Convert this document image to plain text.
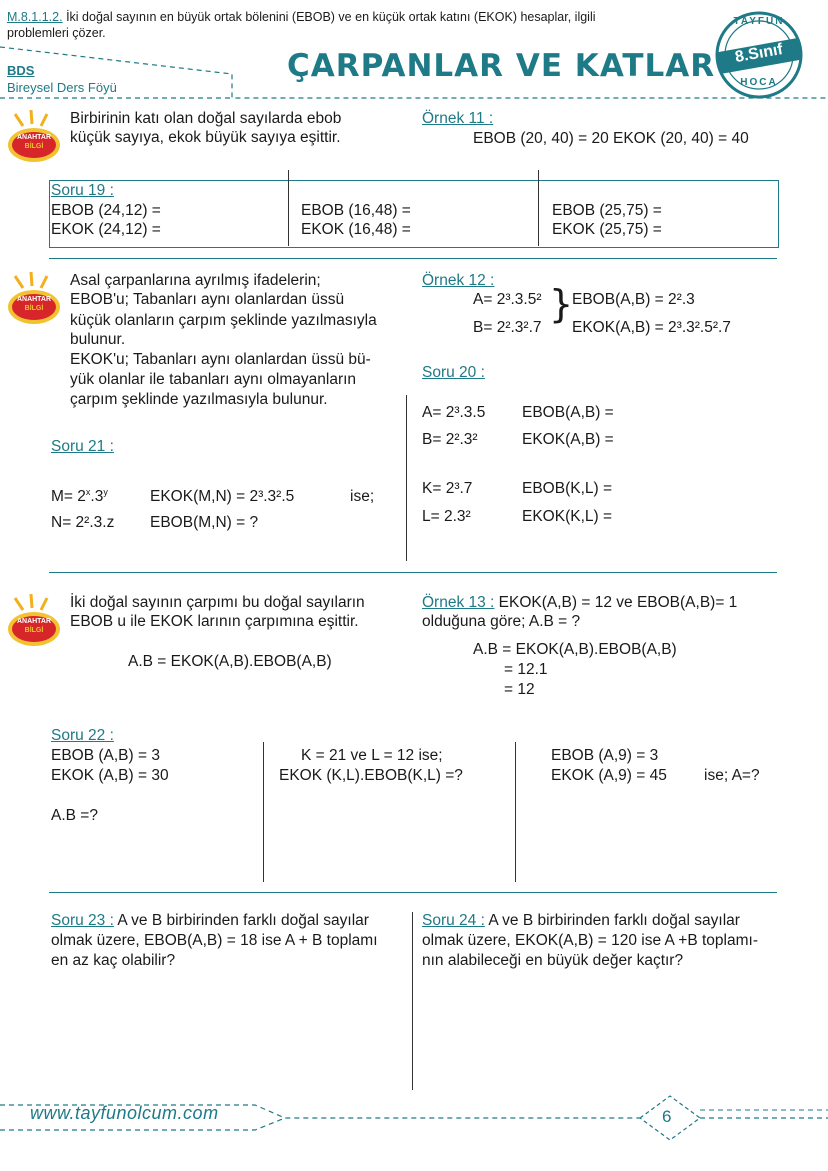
M.8.1.1.2. İki doğal sayının en büyük ortak bölenini (EBOB) ve en küçük ortak katını (EKOK) hesaplar, ilgili
problemleri çözer.
BDS
Bireysel Ders Föyü
ÇARPANLAR VE KATLAR
TAYFUN
8.Sınıf
HOCA
ANAHTAR
BİLGİ
Birbirinin katı olan doğal sayılarda ebob
küçük sayıya, ekok büyük sayıya eşittir.
Örnek 11 :
EBOB (20, 40) = 20 EKOK (20, 40) = 40
Soru 19 :
EBOB (24,12) =
EKOK (24,12) =
EBOB (16,48) =
EKOK (16,48) =
EBOB (25,75) =
EKOK (25,75) =
ANAHTAR
BİLGİ
Asal çarpanlarına ayrılmış ifadelerin;
EBOB'u; Tabanları aynı olanlardan üssü
küçük olanların çarpım şeklinde yazılmasıyla
bulunur.
EKOK'u; Tabanları aynı olanlardan üssü bü-
yük olanlar ile tabanları aynı olmayanların
çarpım şeklinde yazılmasıyla bulunur.
Örnek 12 :
A= 2³.3.5²
B= 2².3².7
}
EBOB(A,B) = 2².3
EKOK(A,B) = 2³.3².5².7
Soru 20 :
A= 2³.3.5 EBOB(A,B) =
B= 2².3²	EKOK(A,B) =
K= 2³.7	EBOB(K,L) =
L= 2.3²	EKOK(K,L) =
Soru 21 :
$M= 2^x.3^y$	EKOK(M,N) = 2³.3².5	ise;
N= 2².3.z EBOB(M,N) = ?
ANAHTAR
BİLGİ
İki doğal sayının çarpımı bu doğal sayıların
EBOB u ile EKOK larının çarpımına eşittir.
A.B = EKOK(A,B).EBOB(A,B)
Örnek 13 : EKOK(A,B) = 12 ve EBOB(A,B)= 1
olduğuna göre; A.B = ?
A.B = EKOK(A,B).EBOB(A,B)
= 12.1
= 12
Soru 22 :
EBOB (A,B) = 3
EKOK (A,B) = 30
A.B =?
K = 21 ve L = 12 ise;
EKOK (K,L).EBOB(K,L) =?
EBOB (A,9) = 3
EKOK (A,9) = 45 ise; A=?
Soru 23 : A ve B birbirinden farklı doğal sayılar
olmak üzere, EBOB(A,B) = 18 ise A + B toplamı
en az kaç olabilir?
Soru 24 : A ve B birbirinden farklı doğal sayılar
olmak üzere, EKOK(A,B) = 120 ise A +B toplamı-
nın alabileceği en büyük değer kaçtır?
www.tayfunolcum.com	6
